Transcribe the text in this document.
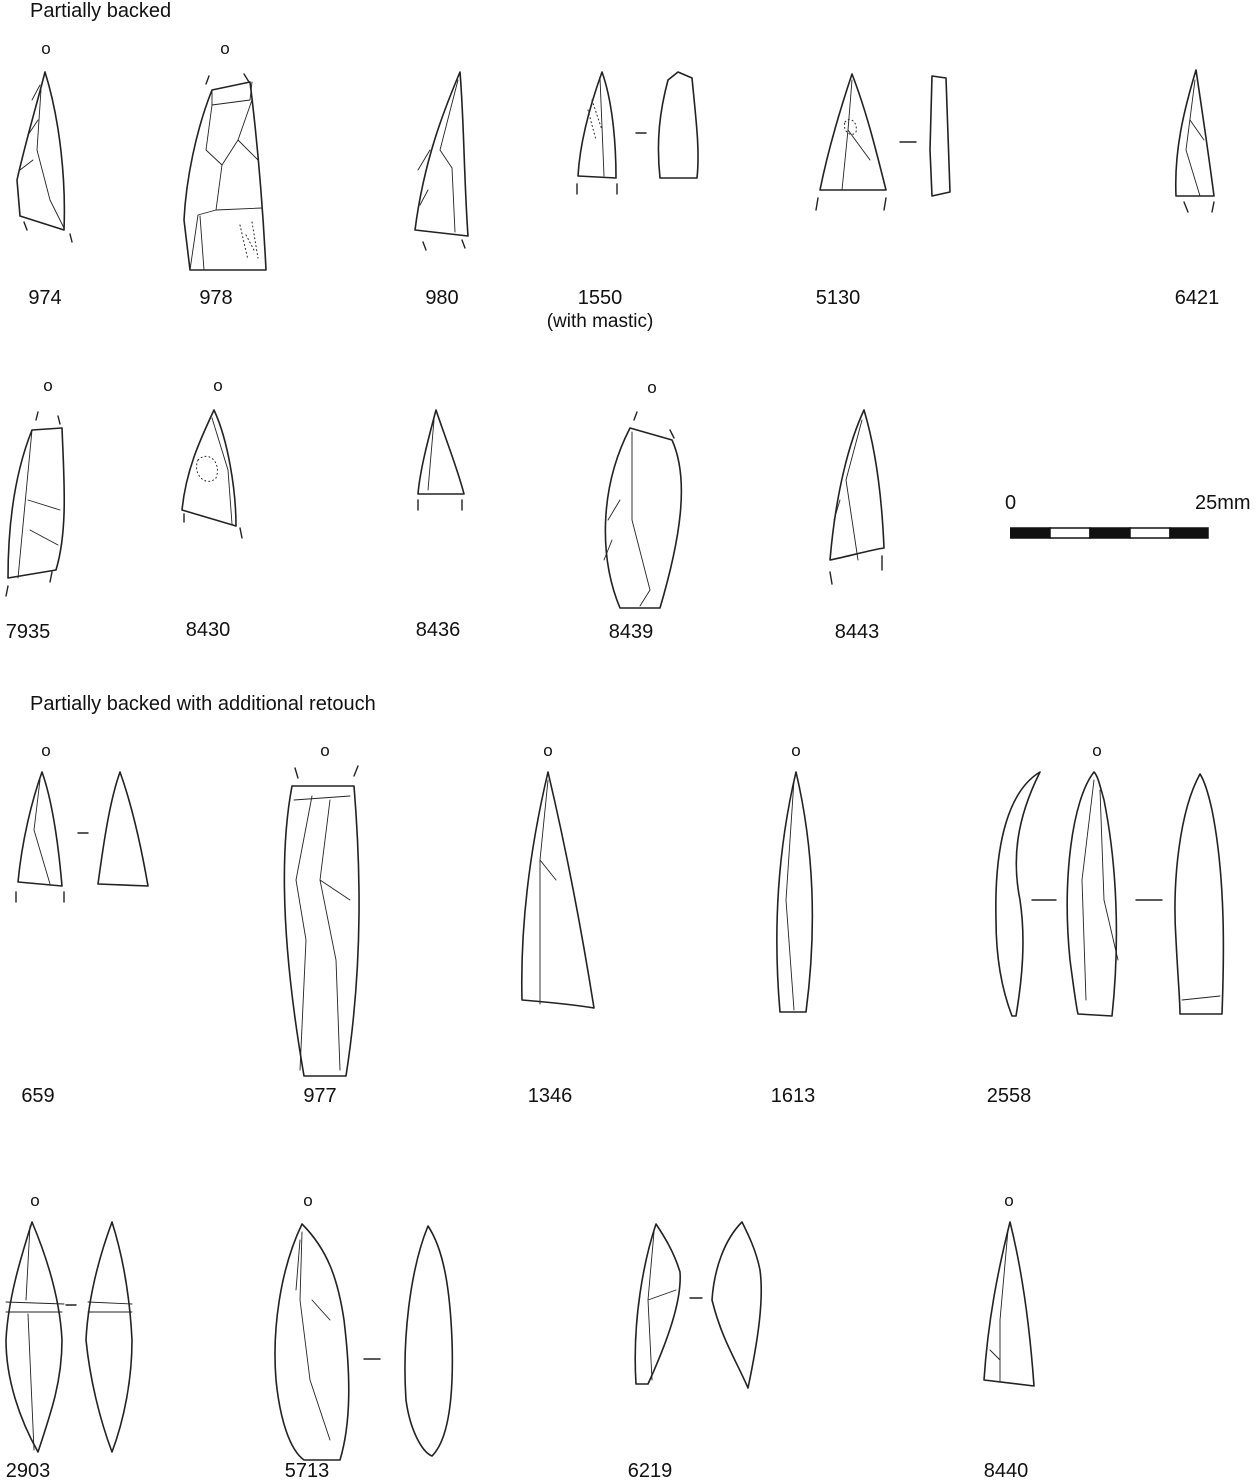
Partially backed
Partially backed with additional retouch
o	o
o	o	o
o	o	o	o	o
o	o	o
0	25mm
974	978	980	1550
(with mastic)
5130	6421
7935	8430	8436	8439	8443
659	977	1346	1613	2558
2903	5713	6219	8440
